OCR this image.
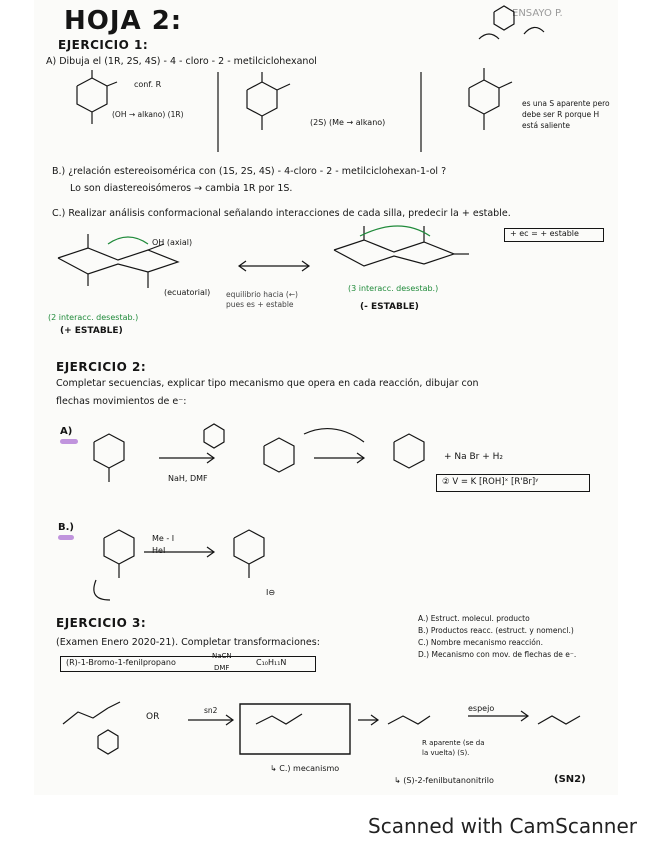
HOJA 2:	ENSAYO P.
EJERCICIO 1:
A) Dibuja el (1R, 2S, 4S) - 4 - cloro - 2 - metilciclohexanol
conf. R
(OH → alkano) (1R)
(2S) (Me → alkano)
es una S aparente pero debe ser R porque H está saliente
B.) ¿relación estereoisomérica con (1S, 2S, 4S) - 4-cloro - 2 - metilciclohexan-1-ol ?
Lo son diastereoisómeros → cambia 1R por 1S.
C.) Realizar análisis conformacional señalando interacciones de cada silla, predecir la + estable.
+ ec = + estable
OH (axial)
(ecuatorial)
(2 interacc. desestab.)
(+ ESTABLE)
equilibrio hacia (←) pues es + estable
(3 interacc. desestab.)
(- ESTABLE)
EJERCICIO 2:
Completar secuencias, explicar tipo mecanismo que opera en cada reacción, dibujar con
flechas movimientos de e⁻:
A)
NaH, DMF
+ Na Br + H₂
② V = K [ROH]ˣ [R'Br]ʸ
B.)
Me - I
HeI
I⊖
EJERCICIO 3:
(Examen Enero 2020-21). Completar transformaciones:
A.) Estruct. molecul. producto
B.) Productos reacc. (estruct. y nomencl.)
C.) Nombre mecanismo reacción.
D.) Mecanismo con mov. de flechas de e⁻.
(R)-1-Bromo-1-fenilpropano
NaCN
DMF
C₁₀H₁₁N
sn2
OR
↳ C.) mecanismo
espejo
R aparente (se da la vuelta) (S).
↳ (S)-2-fenilbutanonitrilo	(SN2)
Scanned with CamScanner
